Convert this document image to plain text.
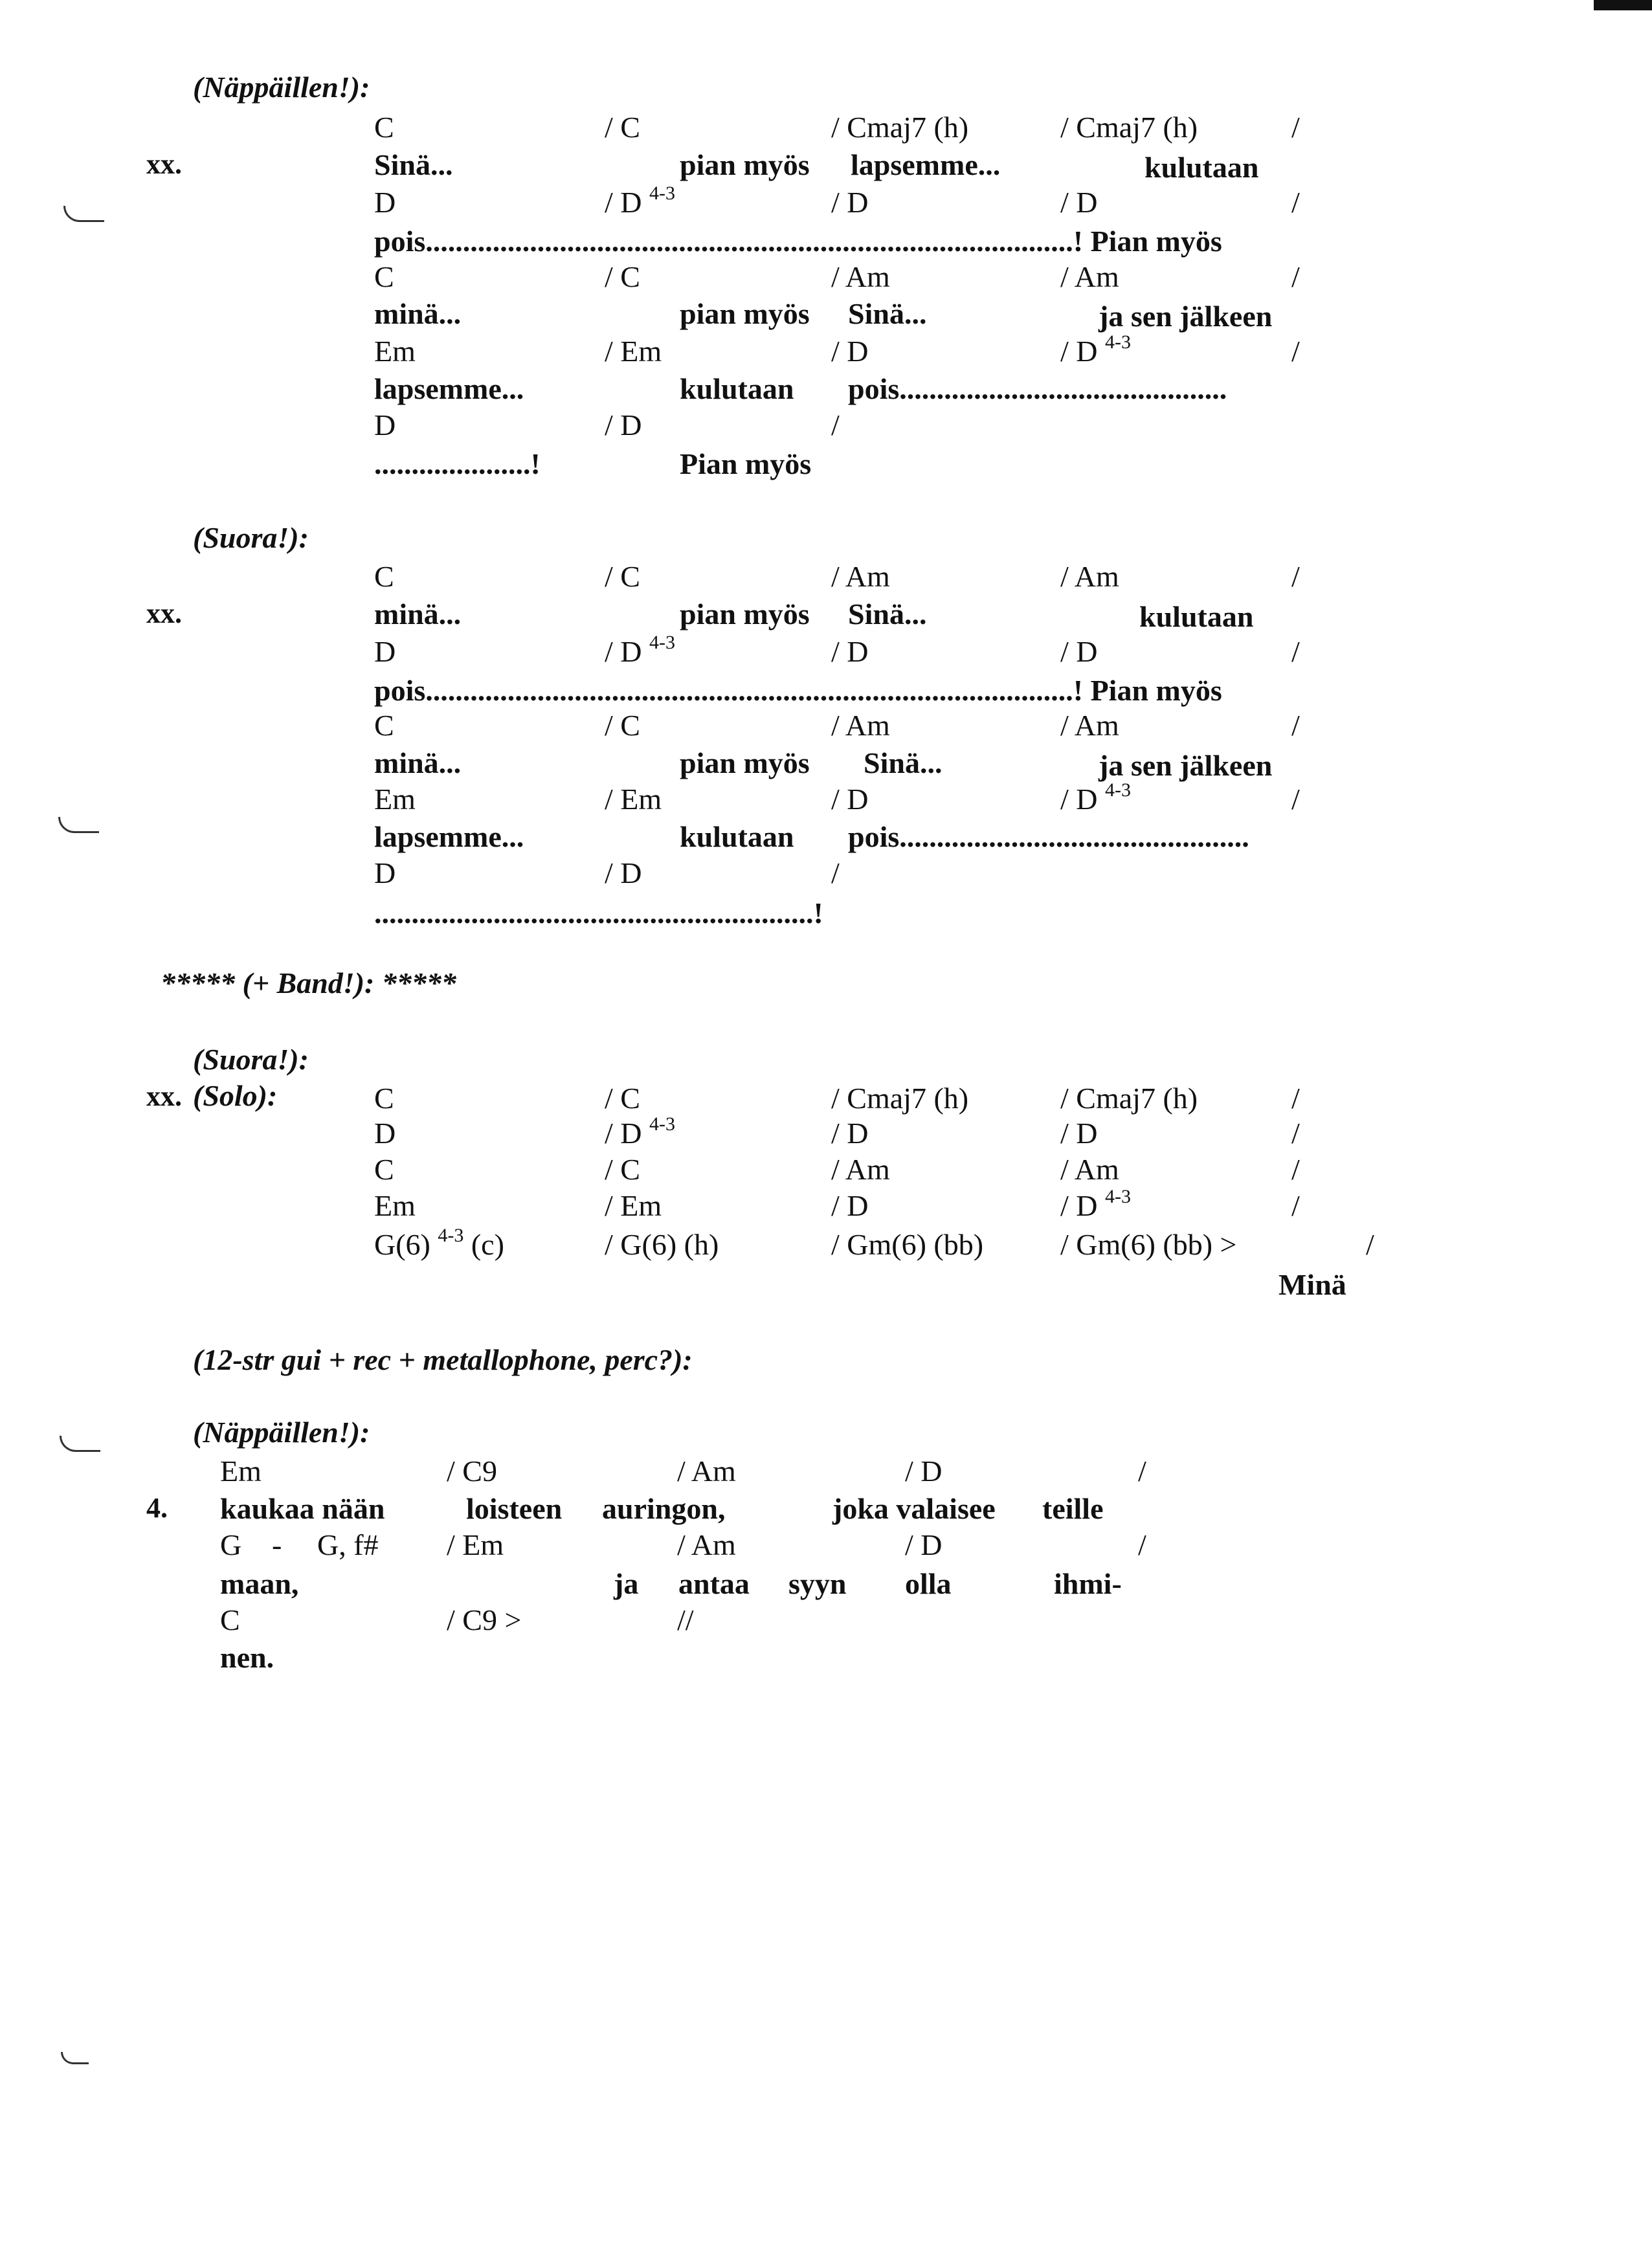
(Näppäillen!):
xx.
C	/ C	/ Cmaj7 (h)	/ Cmaj7 (h)	/
Sinä...	pian myös lapsemme...	kulutaan
D	/ D $^{4-3}$	/ D	/ D	/
pois.......................................................................................! Pian myös
C	/ C	/ Am	/ Am	/
minä...	pian myös Sinä...	ja sen jälkeen
Em	/ Em	/ D	/ D $^{4-3}$	/
lapsemme...	kulutaan pois............................................
D	/ D	/
.....................!	Pian myös
(Suora!):
xx.
C	/ C	/ Am	/ Am	/
minä...	pian myös Sinä...	kulutaan
D	/ D $^{4-3}$	/ D	/ D	/
pois.......................................................................................! Pian myös
C	/ C	/ Am	/ Am	/
minä...	pian myös Sinä...	ja sen jälkeen
Em	/ Em	/ D	/ D $^{4-3}$	/
lapsemme...	kulutaan pois...............................................
D	/ D	/
...........................................................!
***** (+ Band!): *****
(Suora!):
xx. (Solo):	C	/ C	/ Cmaj7 (h)	/ Cmaj7 (h)	/
D	/ D $^{4-3}$	/ D	/ D	/
C	/ C	/ Am	/ Am	/
Em	/ Em	/ D	/ D $^{4-3}$	/
G(6) $^{4-3}$ (c)	/ G(6) (h)	/ Gm(6) (bb)	/ Gm(6) (bb) >	/
Minä
(12-str gui + rec + metallophone, perc?):
(Näppäillen!):
4.
Em	/ C9	/ Am	/ D	/
kaukaa nään	loisteen auringon,	joka valaisee teille
G - G, f# / Em	/ Am	/ D	/
maan,	ja antaa syyn olla	ihmi-
C	/ C9 >	//
nen.
